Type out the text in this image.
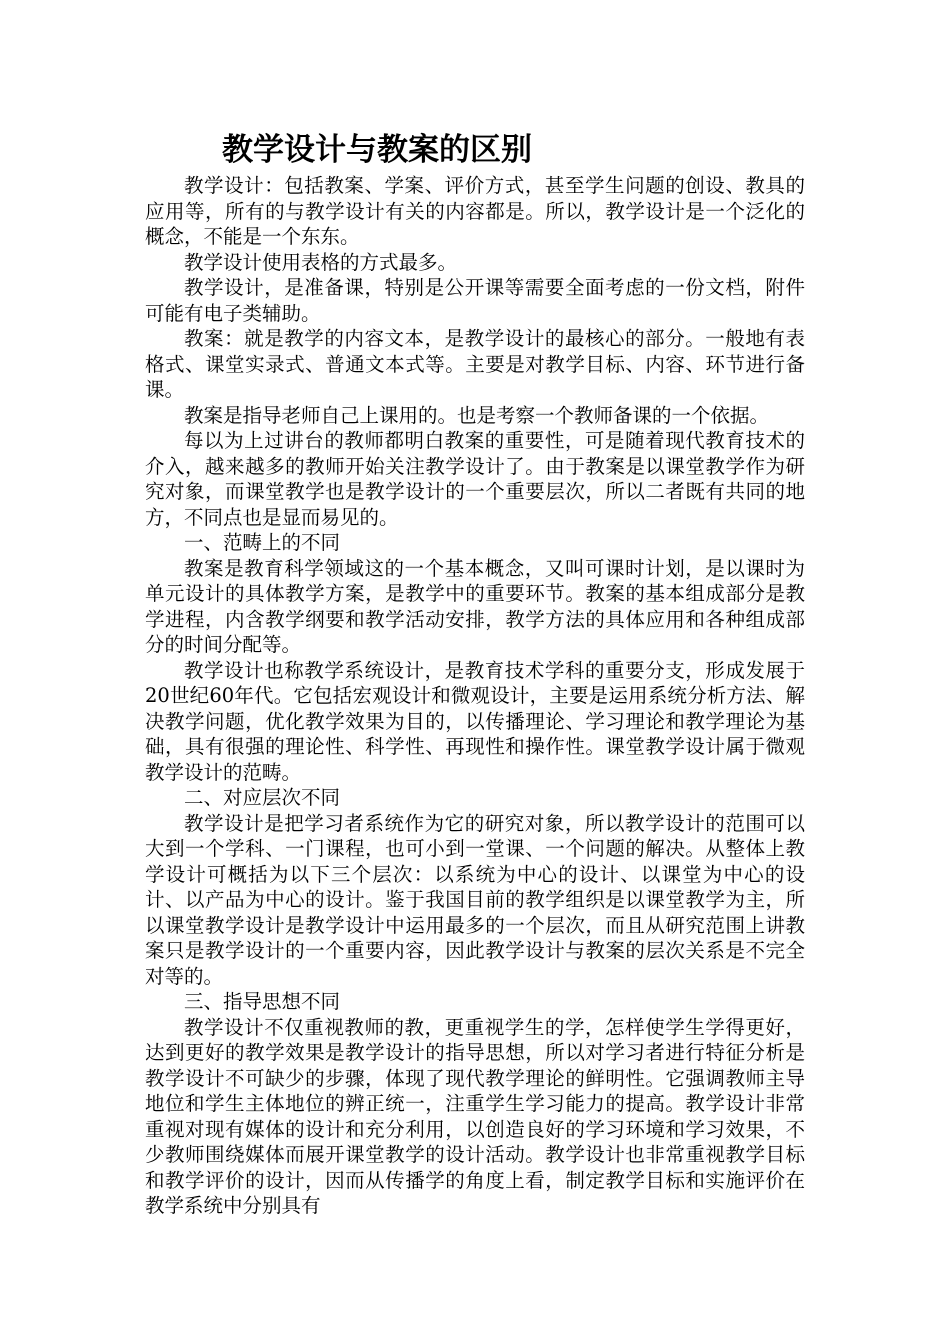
教学设计与教案的区别

教学设计：包括教案、学案、评价方式，甚至学生问题的创设、教具的应用等，所有的与教学设计有关的内容都是。所以，教学设计是一个泛化的概念，不能是一个东东。

教学设计使用表格的方式最多。

教学设计，是准备课，特别是公开课等需要全面考虑的一份文档，附件可能有电子类辅助。

教案：就是教学的内容文本，是教学设计的最核心的部分。一般地有表格式、课堂实录式、普通文本式等。主要是对教学目标、内容、环节进行备课。

教案是指导老师自己上课用的。也是考察一个教师备课的一个依据。

每以为上过讲台的教师都明白教案的重要性，可是随着现代教育技术的介入，越来越多的教师开始关注教学设计了。由于教案是以课堂教学作为研究对象，而课堂教学也是教学设计的一个重要层次，所以二者既有共同的地方，不同点也是显而易见的。

一、范畴上的不同

教案是教育科学领域这的一个基本概念，又叫可课时计划，是以课时为单元设计的具体教学方案，是教学中的重要环节。教案的基本组成部分是教学进程，内含教学纲要和教学活动安排，教学方法的具体应用和各种组成部分的时间分配等。

教学设计也称教学系统设计，是教育技术学科的重要分支，形成发展于20世纪60年代。它包括宏观设计和微观设计，主要是运用系统分析方法、解决教学问题，优化教学效果为目的，以传播理论、学习理论和教学理论为基础，具有很强的理论性、科学性、再现性和操作性。课堂教学设计属于微观教学设计的范畴。

二、对应层次不同

教学设计是把学习者系统作为它的研究对象，所以教学设计的范围可以大到一个学科、一门课程，也可小到一堂课、一个问题的解决。从整体上教学设计可概括为以下三个层次：以系统为中心的设计、以课堂为中心的设计、以产品为中心的设计。鉴于我国目前的教学组织是以课堂教学为主，所以课堂教学设计是教学设计中运用最多的一个层次，而且从研究范围上讲教案只是教学设计的一个重要内容，因此教学设计与教案的层次关系是不完全对等的。

三、指导思想不同

教学设计不仅重视教师的教，更重视学生的学，怎样使学生学得更好，达到更好的教学效果是教学设计的指导思想，所以对学习者进行特征分析是教学设计不可缺少的步骤，体现了现代教学理论的鲜明性。它强调教师主导地位和学生主体地位的辨正统一，注重学生学习能力的提高。教学设计非常重视对现有媒体的设计和充分利用，以创造良好的学习环境和学习效果，不少教师围绕媒体而展开课堂教学的设计活动。教学设计也非常重视教学目标和教学评价的设计，因而从传播学的角度上看，制定教学目标和实施评价在教学系统中分别具有
